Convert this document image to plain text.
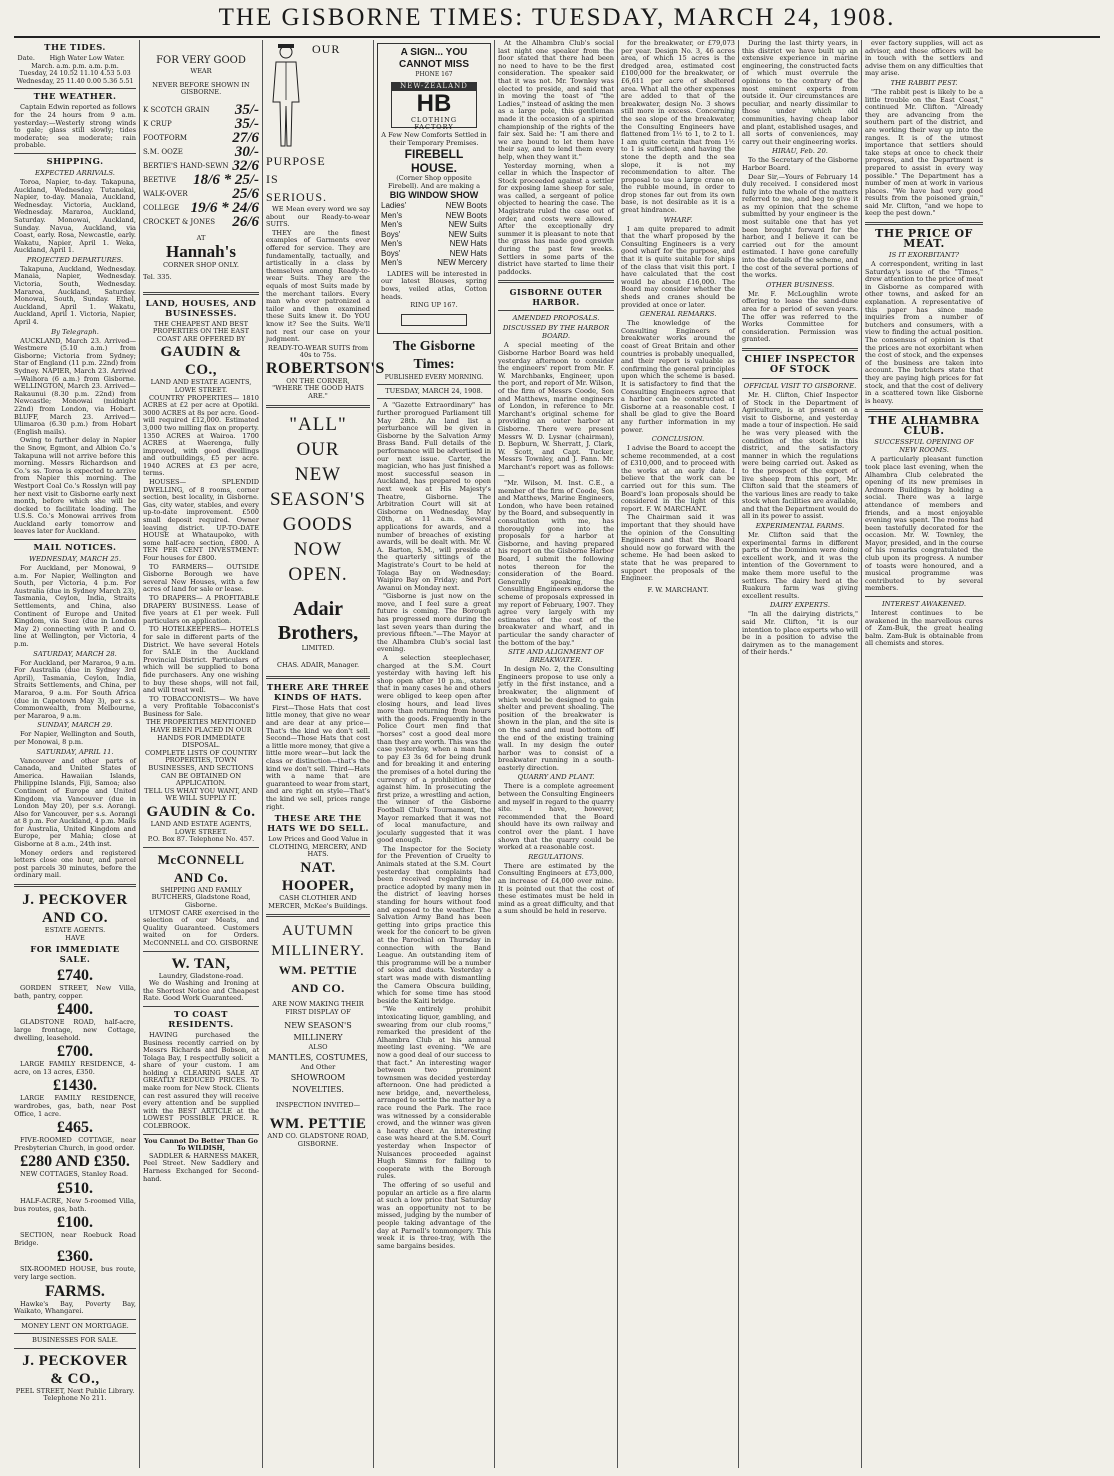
THE GISBORNE TIMES: TUESDAY, MARCH 24, 1908.
THE TIDES.
Date.	High Water Low Water.
March. a.m. p.m. a.m. p.m.
Tuesday, 24 10.52 11.10 4.53 5.03
Wednesday, 25 11.40 0.00 5.36 5.51
THE WEATHER.

Captain Edwin reported as follows for the 24 hours from 9 a.m. yesterday:—Westerly strong winds to gale; glass still slowly; tides moderate; sea moderate; rain probable.

SHIPPING.
EXPECTED ARRIVALS.

Toroa, Napier, to-day. Takapuna, Auckland, Wednesday. Tutanekai, Napier, to-day. Manaia, Auckland, Wednesday. Victoria, Auckland, Wednesday. Mararoa, Auckland, Saturday. Monowai, Auckland, Sunday. Navua, Auckland, via Coast, early. Rosa, Newcastle, early. Wakatu, Napier, April 1. Weka, Auckland, April 1.

PROJECTED DEPARTURES.

Takapuna, Auckland, Wednesday. Manaia, Napier, Wednesday. Victoria, South, Wednesday. Mararoa, Auckland, Saturday. Monowai, South, Sunday. Ethel, Auckland, April 1. Wakatu, Auckland, April 1. Victoria, Napier, April 4.

By Telegraph.

AUCKLAND, March 23. Arrived—Westmere (5.10 a.m.) from Gisborne; Victoria from Sydney; Star of England (11 p.m. 22nd) from Sydney. NAPIER, March 23. Arrived—Waihora (6 a.m.) from Gisborne. WELLINGTON, March 23. Arrived—Rakaunui (8.30 p.m. 22nd) from Newcastle; Monowai (midnight 22nd) from London, via Hobart. BLUFF, March 23. Arrived—Ulimaroa (6.30 p.m.) from Hobart (English mails).

Owing to further delay in Napier the Snow, Egmont, and Albion Co.'s Takapuna will not arrive before this morning. Messrs Richardson and Co.'s ss. Toroa is expected to arrive from Napier this morning. The Westport Coal Co.'s Rosslyn will pay her next visit to Gisborne early next month, before which she will be docked to facilitate loading. The U.S.S. Co.'s Monowai arrives from Auckland early tomorrow and leaves later for Auckland.

MAIL NOTICES.
WEDNESDAY, MARCH 25.

For Auckland, per Monowai, 9 a.m. For Napier, Wellington and South, per Victoria, 4 p.m. For Australia (due in Sydney March 23), Tasmania, Ceylon, India, Straits Settlements, and China, also Continent of Europe and United Kingdom, via Suez (due in London May 2) connecting with P. and O. line at Wellington, per Victoria, 4 p.m.

SATURDAY, MARCH 28.

For Auckland, per Mararoa, 9 a.m. For Australia (due in Sydney 3rd April), Tasmania, Ceylon, India, Straits Settlements, and China, per Mararoa, 9 a.m. For South Africa (due in Capetown May 3), per s.s. Commonwealth, from Melbourne, per Mararoa, 9 a.m.

SUNDAY, MARCH 29.

For Napier, Wellington and South, per Monowai, 8 p.m.

SATURDAY, APRIL 11.

Vancouver and other parts of Canada, and United States of America. Hawaiian Islands, Philippine Islands, Fiji, Samoa; also Continent of Europe and United Kingdom, via Vancouver (due in London May 20), per s.s. Aorangi. Also for Vancouver, per s.s. Aorangi at 8 p.m. For Auckland, 4 p.m. Mails for Australia, United Kingdom and Europe, per Mahia; close at Gisborne at 8 a.m., 24th inst.

Money orders and registered letters close one hour, and parcel post parcels 30 minutes, before the ordinary mail.

J. PECKOVER AND CO.
ESTATE AGENTS.
HAVE
FOR IMMEDIATE SALE.
£740.

GORDEN STREET, New Villa, bath, pantry, copper.

£400.

GLADSTONE ROAD, half-acre, large frontage, new Cottage, dwelling, leasehold.

£700.

LARGE FAMILY RESIDENCE, 4-acre, on 13 acres, £350.

£1430.

LARGE FAMILY RESIDENCE, wardrobes, gas, bath, near Post Office, 1 acre.

£465.

FIVE-ROOMED COTTAGE, near Presbyterian Church, in good order.

£280 AND £350.

NEW COTTAGES, Stanley Road.

£510.

HALF-ACRE, New 5-roomed Villa, bus routes, gas, bath.

£100.

SECTION, near Roebuck Road Bridge.

£360.

SIX-ROOMED HOUSE, bus route, very large section.

FARMS.

Hawke's Bay, Poverty Bay, Waikato, Whangarei.

MONEY LENT ON MORTGAGE.
BUSINESSES FOR SALE.
J. PECKOVER & CO.,
PEEL STREET, Next Public Library. Telephone No 211.
FOR VERY GOOD
WEAR
NEVER BEFORE SHOWN IN GISBORNE.
K SCOTCH GRAIN 35/-
K CRUP	35/-
FOOTFORM	27/6
S.M. OOZE	30/-
BERTIE'S HAND-SEWN 32/6
BEETIVE 18/6 * 25/-
WALK-OVER	25/6
COLLEGE 19/6 * 24/6
CROCKET & JONES 26/6
AT
Hannah's
CORNER SHOP ONLY.
Tel. 335.
LAND, HOUSES, AND BUSINESSES.

THE CHEAPEST AND BEST PROPERTIES ON THE EAST COAST ARE OFFERED BY

GAUDIN & CO.,
LAND AND ESTATE AGENTS, LOWE STREET.

COUNTRY PROPERTIES— 1810 ACRES at £2 per acre at Opotiki. 3000 ACRES at 8s per acre. Good-will required £12,000. Estimated 3,000 two milling flax on property. 1350 ACRES at Wairoa. 1700 ACRES at Waerenga, fully improved, with good dwellings and outbuildings, £5 per acre. 1940 ACRES at £3 per acre, terms.

HOUSES— SPLENDID DWELLING, of 8 rooms, corner section, best locality, in Gisborne. Gas, city water, stables, and every up-to-date improvement. £500 small deposit required. Owner leaving district. UP-TO-DATE HOUSE at Whataupoko, with some half-acre section, £800. A TEN PER CENT INVESTMENT: Four houses for £800.

TO FARMERS— OUTSIDE Gisborne Borough we have several New Houses, with a few acres of land for sale or lease.

TO DRAPERS— A PROFITABLE DRAPERY BUSINESS. Lease of five years at £1 per week. Full particulars on application.

TO HOTELKEEPERS— HOTELS for sale in different parts of the District. We have several Hotels for SALE in the Auckland Provincial District. Particulars of which will be supplied to bona fide purchasers. Any one wishing to buy these shops, will not fail, and will treat well.

TO TOBACCONISTS— We have a very Profitable Tobacconist's Business for Sale.

THE PROPERTIES MENTIONED HAVE BEEN PLACED IN OUR HANDS FOR IMMEDIATE DISPOSAL.

COMPLETE LISTS OF COUNTRY PROPERTIES, TOWN BUSINESSES, AND SECTIONS CAN BE OBTAINED ON APPLICATION.

TELL US WHAT YOU WANT, AND WE WILL SUPPLY IT.

GAUDIN & Co.
LAND AND ESTATE AGENTS, LOWE STREET.
P.O. Box 87. Telephone No. 457.
McCONNELL AND Co.
SHIPPING AND FAMILY BUTCHERS, Gladstone Road, Gisborne.

UTMOST CARE exercised in the selection of our Meats, and Quality Guaranteed. Customers waited on for Orders. McCONNELL and CO. GISBORNE

W. TAN,
Laundry, Gladstone-road.

We do Washing and Ironing at the Shortest Notice and Cheapest Rate. Good Work Guaranteed.

TO COAST RESIDENTS.

HAVING purchased the Business recently carried on by Messrs Richards and Bobson, at Tolaga Bay, I respectfully solicit a share of your custom. I am holding a CLEARING SALE AT GREATLY REDUCED PRICES. To make room for New Stock. Clients can rest assured they will receive every attention and be supplied with the BEST ARTICLE at the LOWEST POSSIBLE PRICE. R. COLEBROOK.

You Cannot Do Better Than Go To WILDISH,

SADDLER & HARNESS MAKER, Peel Street. New Saddlery and Harness Exchanged for Second-hand.

OUR
PURPOSE
IS
SERIOUS.

WE Mean every word we say about our Ready-to-wear SUITS.

THEY are the finest examples of Garments ever offered for service. They are fundamentally, tactually, and artistically in a class by themselves among Ready-to-wear Suits. They are the equals of most Suits made by the merchant tailors. Every man who ever patronized a tailor and then examined these Suits knew it. Do YOU know it? See the Suits. We'll not rest our case on your judgment.

READY-TO-WEAR SUITS from 40s to 75s.

ROBERTSON'S
ON THE CORNER,
"WHERE THE GOOD HATS ARE."
"ALL"
OUR
NEW
SEASON'S
GOODS
NOW
OPEN.
Adair
Brothers,
LIMITED.
CHAS. ADAIR, Manager.
THERE ARE THREE KINDS OF HATS.

First—Those Hats that cost little money, that give no wear and are dear at any price—That's the kind we don't sell. Second—Those Hats that cost a little more money, that give a little more wear—but lack the class or distinction—that's the kind we don't sell. Third—Hats with a name that are guaranteed to wear from start, and are right on style—That's the kind we sell, prices range right.

THESE ARE THE HATS WE DO SELL.

Low Prices and Good Value in CLOTHING, MERCERY, AND HATS.

NAT. HOOPER,
CASH CLOTHIER AND MERCER, McKee's Buildings.
AUTUMN
MILLINERY.
WM. PETTIE AND CO.
ARE NOW MAKING THEIR FIRST DISPLAY OF
NEW SEASON'S MILLINERY
ALSO
MANTLES, COSTUMES,
And Other
SHOWROOM NOVELTIES.
INSPECTION INVITED—
WM. PETTIE
AND CO. GLADSTONE ROAD, GISBORNE.
A SIGN... YOU CANNOT MISS
PHONE 167
NEW-ZEALAND
HB
CLOTHING FACTORY

A Few New Comforts Settled in their Temporary Premises.

FIREBELL HOUSE.

(Corner Shop opposite Firebell). And are making a

BIG WINDOW SHOW
Ladies'	NEW Boots
Men's	NEW Boots
Men's	NEW Suits
Boys'	NEW Suits
Men's	NEW Hats
Boys'	NEW Hats
Men's	NEW Mercery

LADIES will be interested in our latest Blouses, spring bows, veiled atlas, Cotton heads.

RING UP 167.
The Gisborne Times:
PUBLISHED EVERY MORNING.
TUESDAY, MARCH 24, 1908.

A "Gazette Extraordinary" has further prorogued Parliament till May 28th. An land list a perturbance will be given in Gisborne by the Salvation Army Brass Band. Full details of the performance will be advertised in our next issue. Carter, the magician, who has just finished a most successful season in Auckland, has prepared to open next week at His Majesty's Theatre, Gisborne. The Arbitration Court will sit at Gisborne on Wednesday, May 20th, at 11 a.m. Several applications for awards, and a number of breaches of existing awards, will be dealt with. Mr. W. A. Barton, S.M., will preside at the quarterly sittings of the Magistrate's Court to be held at Tolaga Bay on Wednesday; Waipiro Bay on Friday; and Port Awanui on Monday next.

"Gisborne is just now on the move, and I feel sure a great future is coming. The Borough has progressed more during the last seven years than during the previous fifteen."—The Mayor at the Alhambra Club's social last evening.

A selection steeplechaser, charged at the S.M. Court yesterday with having left his shop open after 10 p.m., stated that in many cases he and others were obliged to keep open after closing hours, and lead lives more than returning from hours with the goods. Frequently in the Police Court men find that "horses" cost a good deal more than they are worth. This was the case yesterday, when a man had to pay £3 3s 6d for being drunk and for breaking it and entering the premises of a hotel during the currency of a prohibition order against him. In prosecuting the first prize, a wrestling and action, the winner of the Gisborne Football Club's Tournament, the Mayor remarked that it was not of local manufacture, and jocularly suggested that it was good enough.

The Inspector for the Society for the Prevention of Cruelty to Animals stated at the S.M. Court yesterday that complaints had been received regarding the practice adopted by many men in the district of leaving horses standing for hours without food and exposed to the weather. The Salvation Army Band has been getting into grips practice this week for the concert to be given at the Parochial on Thursday in connection with the Band League. An outstanding item of this programme will be a number of solos and duets. Yesterday a start was made with dismantling the Camera Obscura building, which for some time has stood beside the Kaiti bridge.

"We entirely prohibit intoxicating liquor, gambling, and swearing from our club rooms," remarked the president of the Alhambra Club at his annual meeting last evening. "We are now a good deal of our success to that fact." An interesting wager between two prominent townsmen was decided yesterday afternoon. One had predicted a new bridge, and, nevertheless, arranged to settle the matter by a race round the Park. The race was witnessed by a considerable crowd, and the winner was given a hearty cheer. An interesting case was heard at the S.M. Court yesterday when Inspector of Nuisances proceeded against Hugh Simms for failing to cooperate with the Borough rules.

The offering of so useful and popular an article as a fire alarm at such a low price that Saturday was an opportunity not to be missed, judging by the number of people taking advantage of the day at Parnell's tonmongery. This week it is three-tray, with the same bargains besides.

At the Alhambra Club's social last night one speaker from the floor stated that there had been no need to have to be the first consideration. The speaker said that it was not. Mr. Townley was elected to preside, and said that in moving the toast of "the Ladies," instead of asking the men as a large pole, this gentleman made it the occasion of a spirited championship of the rights of the fair sex. Said he: "I am there and we are bound to let them have their say, and to lend them every help, when they want it."

Yesterday morning, when a cellar in which the Inspector of Stock proceeded against a settler for exposing lame sheep for sale, was called, a sergeant of police objected to hearing the case. The Magistrate ruled the case out of order, and costs were allowed. After the exceptionally dry summer it is pleasant to note that the grass has made good growth during the past few weeks. Settlers in some parts of the district have started to lime their paddocks.

GISBORNE OUTER HARBOR.
AMENDED PROPOSALS.
DISCUSSED BY THE HARBOR BOARD.

A special meeting of the Gisborne Harbor Board was held yesterday afternoon to consider the engineers' report from Mr. F. W. Marchbanks, Engineer, upon the port, and report of Mr. Wilson, of the firm of Messrs Coode, Son and Matthews, marine engineers of London, in reference to Mr. Marchant's original scheme for providing an outer harbor at Gisborne. There were present Messrs W. D. Lysnar (chairman), D. Bepburn, W. Sherratt, J. Clark, W. Scott, and Capt. Tucker, Messrs Townley, and J. Fann. Mr. Marchant's report was as follows:—

"Mr. Wilson, M. Inst. C.E., a member of the firm of Coode, Son and Matthews, Marine Engineers, London, who have been retained by the Board, and subsequently in consultation with me, has thoroughly gone into the proposals for a harbor at Gisborne, and having prepared his report on the Gisborne Harbor Board, I submit the following notes thereon for the consideration of the Board. Generally speaking, the Consulting Engineers endorse the scheme of proposals expressed in my report of February, 1907. They agree very largely with my estimates of the cost of the breakwater and wharf, and in particular the sandy character of the bottom of the bay."

SITE AND ALIGNMENT OF BREAKWATER.

In design No. 2, the Consulting Engineers propose to use only a jetty in the first instance, and a breakwater, the alignment of which would be designed to gain shelter and prevent shoaling. The position of the breakwater is shown in the plan, and the site is on the sand and mud bottom off the end of the existing training wall. In my design the outer harbor was to consist of a breakwater running in a south-easterly direction.

QUARRY AND PLANT.

There is a complete agreement between the Consulting Engineers and myself in regard to the quarry site. I have, however, recommended that the Board should have its own railway and control over the plant. I have shown that the quarry could be worked at a reasonable cost.

REGULATIONS.

There are estimated by the Consulting Engineers at £73,000, an increase of £4,000 over mine. It is pointed out that the cost of these estimates must be held in mind as a great difficulty, and that a sum should be held in reserve.

for the breakwater, or £79,073 per year. Design No. 3, 46 acres area, of which 15 acres is the dredged area, estimated cost £100,000 for the breakwater, or £6,611 per acre of sheltered area. What all the other expenses are added to that of the breakwater, design No. 3 shows still more in excess. Concerning the sea slope of the breakwater, the Consulting Engineers have flattened from 1½ to 1, to 2 to 1. I am quite certain that from 1½ to 1 is sufficient, and having the stone the depth and the sea slope, it is not my recommendation to alter. The proposal to use a large crane on the rubble mound, in order to drop stones far out from its own base, is not desirable as it is a great hindrance.

WHARF.

I am quite prepared to admit that the wharf proposed by the Consulting Engineers is a very good wharf for the purpose, and that it is quite suitable for ships of the class that visit this port. I have calculated that the cost would be about £16,000. The Board may consider whether the sheds and cranes should be provided at once or later.

GENERAL REMARKS.

The knowledge of the Consulting Engineers of breakwater works around the coast of Great Britain and other countries is probably unequalled, and their report is valuable as confirming the general principles upon which the scheme is based. It is satisfactory to find that the Consulting Engineers agree that a harbor can be constructed at Gisborne at a reasonable cost. I shall be glad to give the Board any further information in my power.

CONCLUSION.

I advise the Board to accept the scheme recommended, at a cost of £310,000, and to proceed with the works at an early date. I believe that the work can be carried out for this sum. The Board's loan proposals should be considered in the light of this report. F. W. MARCHANT.

The Chairman said it was important that they should have the opinion of the Consulting Engineers and that the Board should now go forward with the scheme. He had been asked to state that he was prepared to support the proposals of the Engineer.

F. W. MARCHANT.

During the last thirty years, in this district we have built up an extensive experience in marine engineering, the constructed facts of which must overrule the opinions to the contrary of the most eminent experts from outside it. Our circumstances are peculiar, and nearly dissimilar to those under which old communities, having cheap labor and plant, established usages, and all sorts of conveniences, may carry out their engineering works.

HIRAU, Feb. 20.

To the Secretary of the Gisborne Harbor Board.

Dear Sir,—Yours of February 14 duly received. I considered most fully into the whole of the matters referred to me, and beg to give it as my opinion that the scheme submitted by your engineer is the most suitable one that has yet been brought forward for the harbor, and I believe it can be carried out for the amount estimated. I have gone carefully into the details of the scheme, and the cost of the several portions of the works.

OTHER BUSINESS.

Mr. F. McLoughlin wrote offering to lease the sand-dune area for a period of seven years. The offer was referred to the Works Committee for consideration. Permission was granted.

CHIEF INSPECTOR OF STOCK
OFFICIAL VISIT TO GISBORNE.

Mr. H. Clifton, Chief Inspector of Stock in the Department of Agriculture, is at present on a visit to Gisborne, and yesterday made a tour of inspection. He said he was very pleased with the condition of the stock in this district, and the satisfactory manner in which the regulations were being carried out. Asked as to the prospect of the export of live sheep from this port, Mr. Clifton said that the steamers of the various lines are ready to take stock when facilities are available, and that the Department would do all in its power to assist.

EXPERIMENTAL FARMS.

Mr. Clifton said that the experimental farms in different parts of the Dominion were doing excellent work, and it was the intention of the Government to make them more useful to the settlers. The dairy herd at the Ruakura farm was giving excellent results.

DAIRY EXPERTS.

"In all the dairying districts," said Mr. Clifton, "it is our intention to place experts who will be in a position to advise the dairymen as to the management of their herds."

ever factory supplies, will act as advisor, and these officers will be in touch with the settlers and advise them on any difficulties that may arise.

THE RABBIT PEST.

"The rabbit pest is likely to be a little trouble on the East Coast," continued Mr. Clifton. "Already they are advancing from the southern part of the district, and are working their way up into the ranges. It is of the utmost importance that settlers should take steps at once to check their progress, and the Department is prepared to assist in every way possible." The Department has a number of men at work in various places. "We have had very good results from the poisoned grain," said Mr. Clifton, "and we hope to keep the pest down."

THE PRICE OF MEAT.
IS IT EXORBITANT?

A correspondent, writing in last Saturday's issue of the "Times," drew attention to the price of meat in Gisborne as compared with other towns, and asked for an explanation. A representative of this paper has since made inquiries from a number of butchers and consumers, with a view to finding the actual position. The consensus of opinion is that the prices are not exorbitant when the cost of stock, and the expenses of the business are taken into account. The butchers state that they are paying high prices for fat stock, and that the cost of delivery in a scattered town like Gisborne is heavy.

THE ALHAMBRA CLUB.
SUCCESSFUL OPENING OF NEW ROOMS.

A particularly pleasant function took place last evening, when the Alhambra Club celebrated the opening of its new premises in Ardmore Buildings by holding a social. There was a large attendance of members and friends, and a most enjoyable evening was spent. The rooms had been tastefully decorated for the occasion. Mr. W. Townley, the Mayor, presided, and in the course of his remarks congratulated the club upon its progress. A number of toasts were honoured, and a musical programme was contributed to by several members.

INTEREST AWAKENED.

Interest continues to be awakened in the marvellous cures of Zam-Buk, the great healing balm. Zam-Buk is obtainable from all chemists and stores.
